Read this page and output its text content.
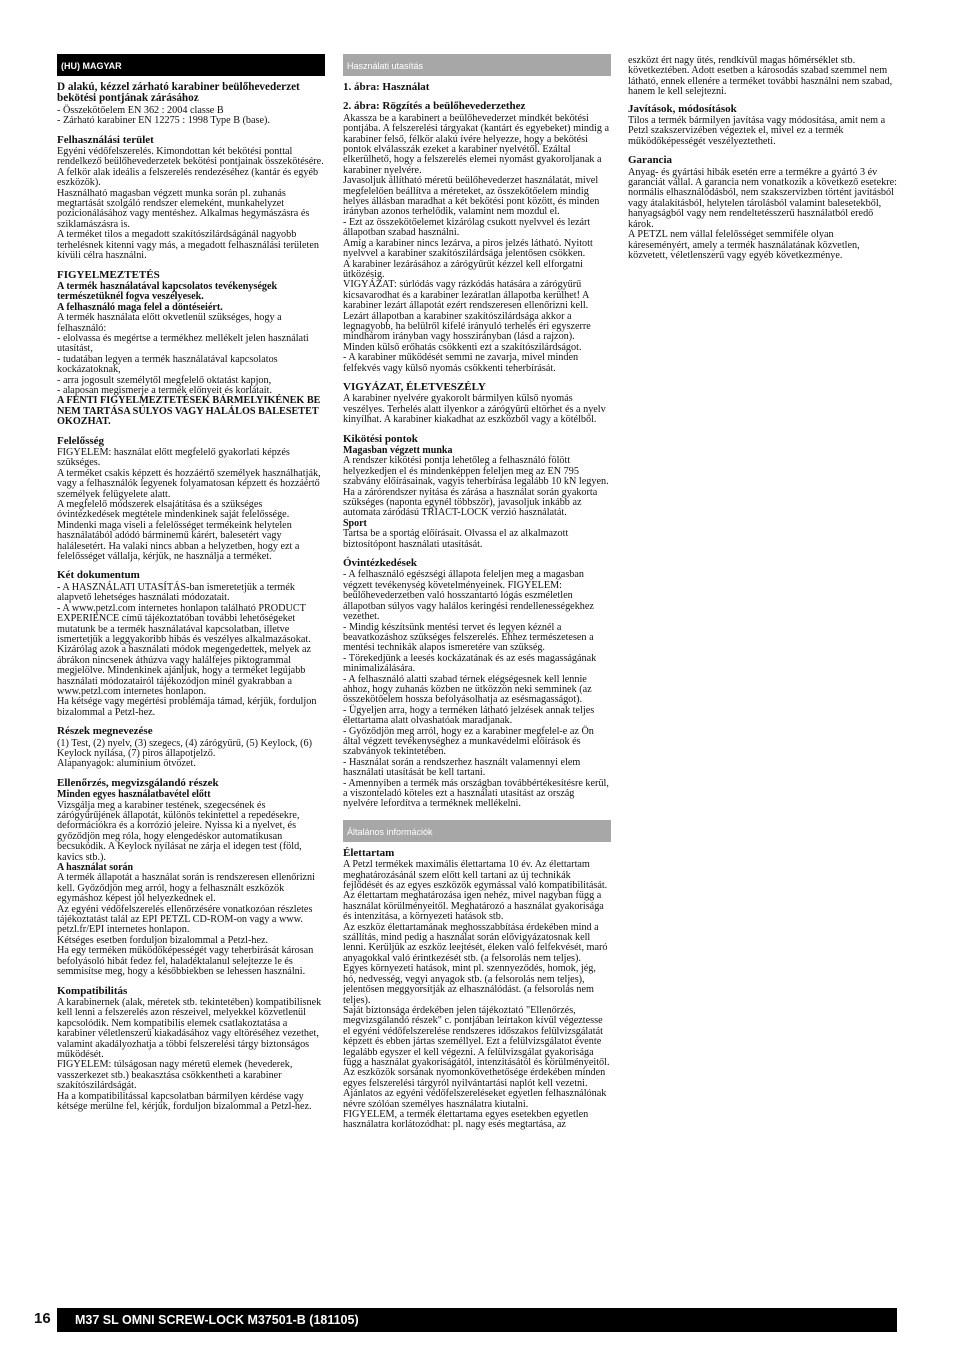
(HU) MAGYAR
D alakú, kézzel zárható karabiner beülőhevederzet bekötési pontjának zárásához

- Összekötőelem EN 362 : 2004 classe B
- Zárható karabiner EN 12275 : 1998 Type B (base).

Felhasználási terület

Egyéni védőfelszerelés. Kimondottan két bekötési ponttal rendelkező beülőhevederzetek bekötési pontjainak összekötésére. A felkör alak ideális a felszerelés rendezéséhez (kantár és egyéb eszközök).
Használható magasban végzett munka során pl. zuhanás megtartását szolgáló rendszer elemeként, munkahelyzet pozicionálásához vagy mentéshez. Alkalmas hegymászásra és sziklamászásra is.
A terméket tilos a megadott szakítószilárdságánál nagyobb terhelésnek kitenni vagy más, a megadott felhasználási területen kívüli célra használni.

FIGYELMEZTETÉS

A termék használatával kapcsolatos tevékenységek természetüknél fogva veszélyesek.

A felhasználó maga felel a döntéseiért.

A termék használata előtt okvetlenül szükséges, hogy a felhasználó:
- elolvassa és megértse a termékhez mellékelt jelen használati utasítást,
- tudatában legyen a termék használatával kapcsolatos kockázatoknak,
- arra jogosult személytől megfelelő oktatást kapjon,
- alaposan megismerje a termék előnyeit és korlátait.

A FENTI FIGYELMEZTETÉSEK BÁRMELYIKÉNEK BE NEM TARTÁSA SÚLYOS VAGY HALÁLOS BALESETET OKOZHAT.

Felelősség

FIGYELEM: használat előtt megfelelő gyakorlati képzés szükséges.
A terméket csakis képzett és hozzáértő személyek használhatják, vagy a felhasználók legyenek folyamatosan képzett és hozzáértő személyek felügyelete alatt.
A megfelelő módszerek elsajátítása és a szükséges óvintézkedések megtétele mindenkinek saját felelőssége.
Mindenki maga viseli a felelősséget termékeink helytelen használatából adódó bárminemű kárért, balesetért vagy halálesetért. Ha valaki nincs abban a helyzetben, hogy ezt a felelősséget vállalja, kérjük, ne használja a terméket.

Két dokumentum

- A HASZNÁLATI UTASÍTÁS-ban ismeretetjük a termék alapvető lehetséges használati módozatait.
- A www.petzl.com internetes honlapon található PRODUCT EXPERIENCE című tájékoztatóban további lehetőségeket mutatunk be a termék használatával kapcsolatban, illetve ismertetjük a leggyakoribb hibás és veszélyes alkalmazásokat. Kizárólag azok a használati módok megengedettek, melyek az ábrákon nincsenek áthúzva vagy halálfejes piktogrammal megjelölve. Mindenkinek ajánljuk, hogy a terméket legújabb használati módozatairól tájékozódjon minél gyakrabban a www.petzl.com internetes honlapon.
Ha kétsége vagy megértési problémája támad, kérjük, forduljon bizalommal a Petzl-hez.

Részek megnevezése

(1) Test, (2) nyelv, (3) szegecs, (4) zárógyűrű, (5) Keylock, (6) Keylock nyílása, (7) piros állapotjelző.
Alapanyagok: alumínium ötvözet.

Ellenőrzés, megvizsgálandó részek
Minden egyes használatbavétel előtt

Vizsgálja meg a karabiner testének, szegecsének és zárógyűrűjének állapotát, különös tekintettel a repedésekre, deformációkra és a korrózió jeleire. Nyissa ki a nyelvet, és győződjön meg róla, hogy elengedéskor automatikusan becsukódik. A Keylock nyílásat ne zárja el idegen test (föld, kavics stb.).

A használat során

A termék állapotát a használat során is rendszeresen ellenőrizni kell. Győződjön meg arról, hogy a felhasznált eszközök egymáshoz képest jól helyezkednek el.
Az egyéni védőfelszerelés ellenőrzésére vonatkozóan részletes tájékoztatást talál az EPI PETZL CD-ROM-on vagy a www. petzl.fr/EPI internetes honlapon.
Kétséges esetben forduljon bizalommal a Petzl-hez.
Ha egy terméken működőképességét vagy teherbírását károsan befolyásoló hibát fedez fel, haladéktalanul selejtezze le és semmisítse meg, hogy a későbbiekben se lehessen használni.

Kompatibilitás

A karabinernek (alak, méretek stb. tekintetében) kompatibilisnek kell lenni a felszerelés azon részeivel, melyekkel közvetlenül kapcsolódik. Nem kompatibilis elemek csatlakoztatása a karabiner véletlenszerű kiakadásához vagy eltöréséhez vezethet, valamint akadályozhatja a többi felszerelési tárgy biztonságos működését.
FIGYELEM: túlságosan nagy méretű elemek (hevederek, vasszerkezet stb.) beakasztása csökkentheti a karabiner szakítószilárdságát.
Ha a kompatibilitással kapcsolatban bármilyen kérdése vagy kétsége merülne fel, kérjük, forduljon bizalommal a Petzl-hez.

Használati utasítás
1. ábra: Használat
2. ábra: Rögzítés a beülőhevederzethez

Akassza be a karabinert a beülőhevederzet mindkét bekötési pontjába. A felszerelési tárgyakat (kantárt és egyebeket) mindig a karabiner felső, félkör alakú ívére helyezze, hogy a bekötési pontok elválasszák ezeket a karabiner nyelvétől. Ezáltal elkerülhető, hogy a felszerelés elemei nyomást gyakoroljanak a karabiner nyelvére.
Javasoljuk állítható méretű beülőhevederzet használatát, mivel megfelelően beállítva a méreteket, az összekötőelem mindig helyes állásban maradhat a két bekötési pont között, és minden irányban azonos terhelődik, valamint nem mozdul el.
- Ezt az összekötőelemet kizárólag csukott nyelvvel és lezárt állapotban szabad használni.
Amíg a karabiner nincs lezárva, a piros jelzés látható. Nyitott nyelvvel a karabiner szakítószilárdsága jelentősen csökken.
A karabiner lezárásához a zárógyűrűt kézzel kell elforgatni ütközésig.
VIGYÁZAT: súrlódás vagy rázkódás hatására a zárógyűrű kicsavarodhat és a karabiner lezáratlan állapotba kerülhet! A karabiner lezárt állapotát ezért rendszeresen ellenőrizni kell. Lezárt állapotban a karabiner szakítószilárdsága akkor a legnagyobb, ha belülről kifelé irányuló terhelés éri egyszerre mindhárom irányban vagy hosszirányban (lásd a rajzon).
Minden külső erőhatás csökkenti ezt a szakítószilárdságot.
- A karabiner működését semmi ne zavarja, mivel minden felfekvés vagy külső nyomás csökkenti teherbírását.

VIGYÁZAT, ÉLETVESZÉLY

A karabiner nyelvére gyakorolt bármilyen külső nyomás veszélyes. Terhelés alatt ilyenkor a zárógyűrű eltörhet és a nyelv kinyílhat. A karabiner kiakadhat az eszközből vagy a kötélből.

Kikötési pontok
Magasban végzett munka

A rendszer kikötési pontja lehetőleg a felhasználó fölött helyezkedjen el és mindenképpen feleljen meg az EN 795 szabvány előírásainak, vagyis teherbírása legalább 10 kN legyen.
Ha a zárórendszer nyitása és zárása a használat során gyakorta szükséges (naponta egynél többször), javasoljuk inkább az automata záródású TRIACT-LOCK verzió használatát.

Sport

Tartsa be a sportág előírásait. Olvassa el az alkalmazott biztosítópont használati utasítását.

Óvintézkedések

- A felhasználó egészségi állapota feleljen meg a magasban végzett tevékenység követelményeinek. FIGYELEM: beülőhevederzetben való hosszantartó lógás eszméletlen állapotban súlyos vagy halálos keringési rendellenességekhez vezethet.
- Mindig készítsünk mentési tervet és legyen kéznél a beavatkozáshoz szükséges felszerelés. Ehhez természetesen a mentési technikák alapos ismeretére van szükség.
- Törekedjünk a leesés kockázatának és az esés magasságának minimalizálására.
- A felhasználó alatti szabad térnek elégségesnek kell lennie ahhoz, hogy zuhanás közben ne ütközzön neki semminek (az összekötőelem hossza befolyásolhatja az esésmagasságot).
- Ügyeljen arra, hogy a terméken látható jelzések annak teljes élettartama alatt olvashatóak maradjanak.
- Győződjön meg arról, hogy ez a karabiner megfelel-e az Ön által végzett tevékenységhez a munkavédelmi előírások és szabványok tekintetében.
- Használat során a rendszerhez használt valamennyi elem használati utasítását be kell tartani.
- Amennyiben a termék más országban továbbértékesítésre kerül, a viszonteladó köteles ezt a használati utasítást az ország nyelvére lefordítva a terméknek mellékelni.

Általános információk
Élettartam

A Petzl termékek maximális élettartama 10 év. Az élettartam meghatározásánál szem előtt kell tartani az új technikák fejlődését és az egyes eszközök egymással való kompatibilitását.
Az élettartam meghatározása igen nehéz, mivel nagyban függ a használat körülményeitől. Meghatározó a használat gyakorisága és intenzitása, a környezeti hatások stb.
Az eszköz élettartamának meghosszabbítása érdekében mind a szállítás, mind pedig a használat során elővigyázatosnak kell lenni. Kerüljük az eszköz leejtését, éleken való felfekvését, maró anyagokkal való érintkezését stb. (a felsorolás nem teljes).
Egyes környezeti hatások, mint pl. szennyeződés, homok, jég, hó, nedvesség, vegyi anyagok stb. (a felsorolás nem teljes), jelentősen meggyorsítják az elhasználódást. (a felsorolás nem teljes).
Saját biztonsága érdekében jelen tájékoztató "Ellenőrzés, megvizsgálandó részek" c. pontjában leírtakon kívül végeztesse el egyéni védőfelszerelése rendszeres időszakos felülvizsgálatát képzett és ebben jártas személlyel. Ezt a felülvizsgálatot évente legalább egyszer el kell végezni. A felülvizsgálat gyakorisága függ a használat gyakoriságától, intenzitásától és körülményeitől.
Az eszközök sorsának nyomonkövethetősége érdekében minden egyes felszerelési tárgyról nyilvántartási naplót kell vezetni.
Ajánlatos az egyéni védőfelszereléseket egyetlen felhasználónak névre szólóan személyes használatra kiutalni.
FIGYELEM, a termék élettartama egyes esetekben egyetlen használatra korlátozódhat: pl. nagy esés megtartása, az

eszközt ért nagy ütés, rendkívül magas hőmérséklet stb. következtében. Adott esetben a károsodás szabad szemmel nem látható, ennek ellenére a terméket további használni nem szabad, hanem le kell selejtezni.

Javítások, módosítások

Tilos a termék bármilyen javítása vagy módosítása, amit nem a Petzl szakszervizében végeztek el, mivel ez a termék működőképességét veszélyeztetheti.

Garancia

Anyag- és gyártási hibák esetén erre a termékre a gyártó 3 év garanciát vállal. A garancia nem vonatkozik a következő esetekre: normális elhasználódásból, nem szakszervizben történt javításból vagy átalakításból, helytelen tárolásból valamint balesetekből, hanyagságból vagy nem rendeltetésszerű használatból eredő károk.
A PETZL nem vállal felelősséget semmiféle olyan káreseményért, amely a termék használatának közvetlen, közvetett, véletlenszerű vagy egyéb következménye.

16	M37 SL OMNI SCREW-LOCK M37501-B (181105)
